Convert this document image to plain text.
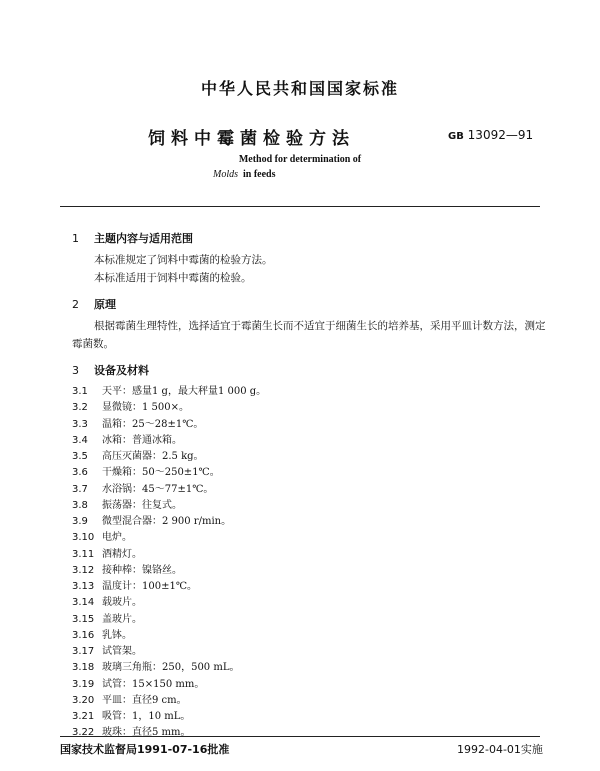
中华人民共和国国家标准
饲料中霉菌检验方法	GB 13092—91
Method for determination of
Molds in feeds
1 主题内容与适用范围
本标准规定了饲料中霉菌的检验方法。
本标准适用于饲料中霉菌的检验。
2 原理
根据霉菌生理特性，选择适宜于霉菌生长而不适宜于细菌生长的培养基，采用平皿计数方法，测定
霉菌数。
3 设备及材料
3.1 天平：感量1 g，最大秤量1 000 g。
3.2 显微镜：1 500×。
3.3 温箱：25～28±1℃。
3.4 冰箱：普通冰箱。
3.5 高压灭菌器：2.5 kg。
3.6 干燥箱：50～250±1℃。
3.7 水浴锅：45～77±1℃。
3.8 振荡器：往复式。
3.9 微型混合器：2 900 r/min。
3.10 电炉。
3.11 酒精灯。
3.12 接种棒：镍铬丝。
3.13 温度计：100±1℃。
3.14 载玻片。
3.15 盖玻片。
3.16 乳钵。
3.17 试管架。
3.18 玻璃三角瓶：250，500 mL。
3.19 试管：15×150 mm。
3.20 平皿：直径9 cm。
3.21 吸管：1，10 mL。
3.22 玻珠：直径5 mm。
国家技术监督局1991-07-16批准	1992-04-01实施
